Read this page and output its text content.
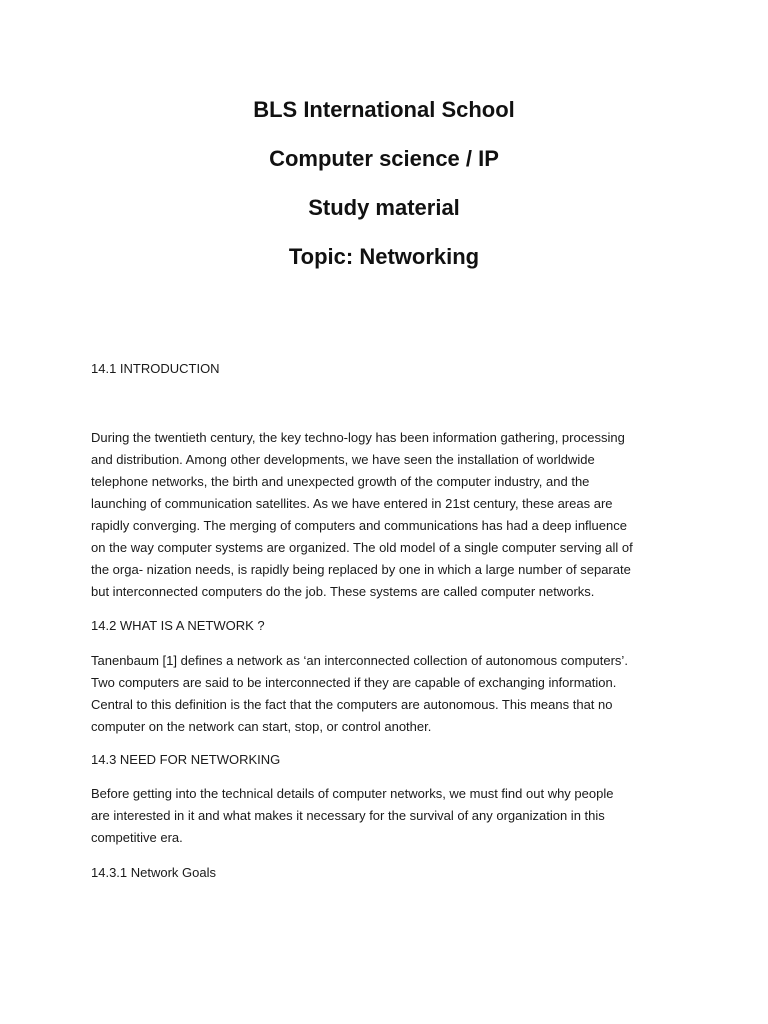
BLS International School
Computer science / IP
Study material
Topic: Networking
14.1 INTRODUCTION
During the twentieth century, the key techno-logy has been information gathering, processing
and distribution. Among other developments, we have seen the installation of worldwide
telephone networks, the birth and unexpected growth of the computer industry, and the
launching of communication satellites. As we have entered in 21st century, these areas are
rapidly converging. The merging of computers and communications has had a deep influence
on the way computer systems are organized. The old model of a single computer serving all of
the orga- nization needs, is rapidly being replaced by one in which a large number of separate
but interconnected computers do the job. These systems are called computer networks.
14.2 WHAT IS A NETWORK ?
Tanenbaum [1] defines a network as ‘an interconnected collection of autonomous computers’.
Two computers are said to be interconnected if they are capable of exchanging information.
Central to this definition is the fact that the computers are autonomous. This means that no
computer on the network can start, stop, or control another.
14.3 NEED FOR NETWORKING
Before getting into the technical details of computer networks, we must find out why people
are interested in it and what makes it necessary for the survival of any organization in this
competitive era.
14.3.1 Network Goals
